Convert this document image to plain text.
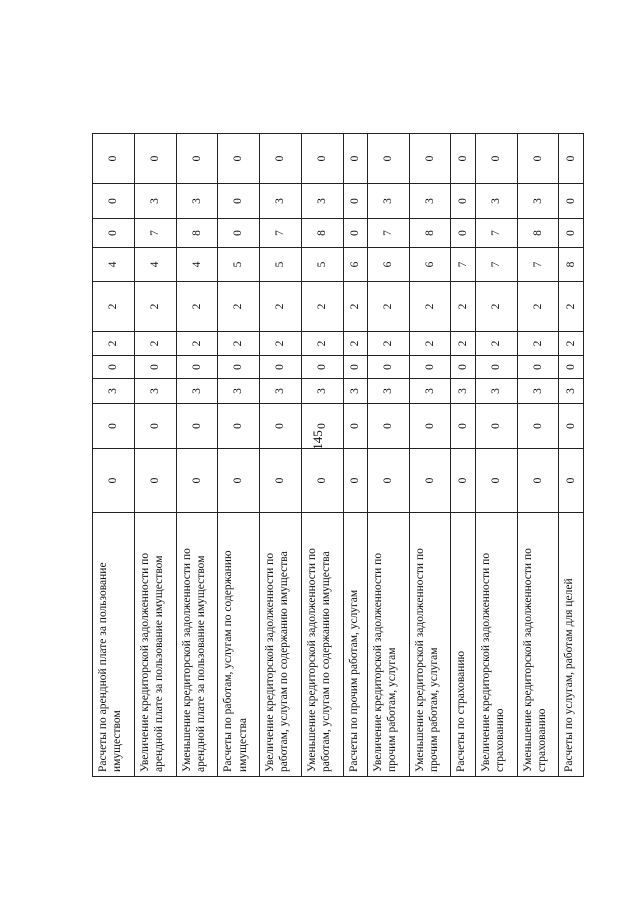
145
Расчеты по арендной плате за пользование имуществом	0	0	3	0	2	2	4	0	0	0
Увеличение кредиторской задолженности по арендной плате за пользование имуществом	0	0	3	0	2	2	4	7	3	0
Уменьшение кредиторской задолженности по арендной плате за пользование имуществом	0	0	3	0	2	2	4	8	3	0
Расчеты по работам, услугам по содержанию имущества	0	0	3	0	2	2	5	0	0	0
Увеличение кредиторской задолженности по работам, услугам по содержанию имущества	0	0	3	0	2	2	5	7	3	0
Уменьшение кредиторской задолженности по работам, услугам по содержанию имущества	0	0	3	0	2	2	5	8	3	0
Расчеты по прочим работам, услугам	0	0	3	0	2	2	6	0	0	0
Увеличение кредиторской задолженности по прочим работам, услугам	0	0	3	0	2	2	6	7	3	0
Уменьшение кредиторской задолженности по прочим работам, услугам	0	0	3	0	2	2	6	8	3	0
Расчеты по страхованию	0	0	3	0	2	2	7	0	0	0
Увеличение кредиторской задолженности по страхованию	0	0	3	0	2	2	7	7	3	0
Уменьшение кредиторской задолженности по страхованию	0	0	3	0	2	2	7	8	3	0
Расчеты по услугам, работам для целей	0	0	3	0	2	2	8	0	0	0
